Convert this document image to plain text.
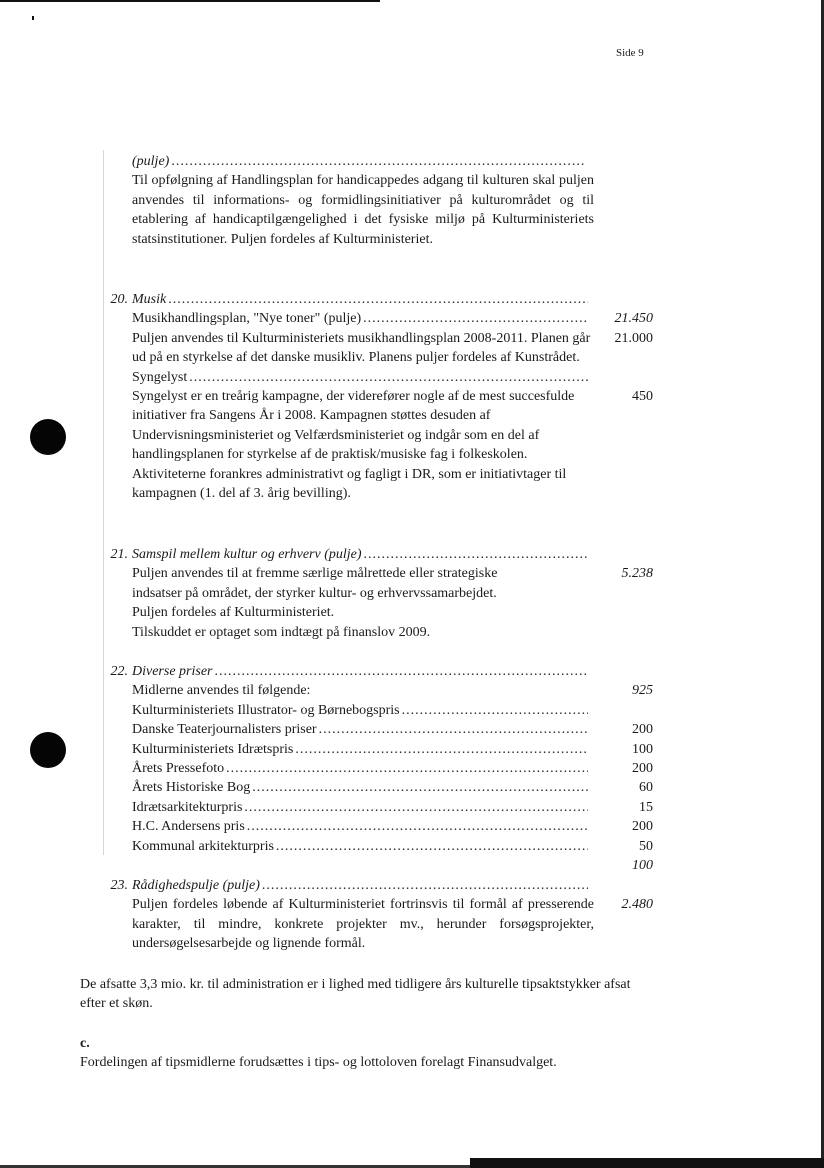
Side 9
(pulje)
.....
Til opfølgning af Handlingsplan for handicappedes adgang til kulturen skal puljen anvendes til informations- og formidlingsinitiativer på kulturområdet og til etablering af handicaptilgængelighed i det fysiske miljø på Kulturministeriets statsinstitutioner. Puljen fordeles af Kulturministeriet.
20. Musik
.....
21.450
Musikhandlingsplan, "Nye toner" (pulje)
.....
21.000
Puljen anvendes til Kulturministeriets musikhandlingsplan 2008-2011. Planen går ud på en styrkelse af det danske musikliv. Planens puljer fordeles af Kunstrådet.
Syngelyst
.....
450
Syngelyst er en treårig kampagne, der viderefører nogle af de mest succesfulde initiativer fra Sangens År i 2008. Kampagnen støttes desuden af Undervisningsministeriet og Velfærdsministeriet og indgår som en del af handlingsplanen for styrkelse af de praktisk/musiske fag i folkeskolen. Aktiviteterne forankres administrativt og fagligt i DR, som er initiativtager til kampagnen (1. del af 3. årig bevilling).
21. Samspil mellem kultur og erhverv (pulje)
.....
5.238
Puljen anvendes til at fremme særlige målrettede eller strategiske
indsatser på området, der styrker kultur- og erhvervssamarbejdet.
Puljen fordeles af Kulturministeriet.
Tilskuddet er optaget som indtægt på finanslov 2009.
22. Diverse priser
.....
925
Midlerne anvendes til følgende:
Kulturministeriets Illustrator- og Børnebogspris
.....
200
Danske Teaterjournalisters priser
.....
100
Kulturministeriets Idrætspris
.....
200
Årets Pressefoto
.....
60
Årets Historiske Bog
.....
15
Idrætsarkitekturpris
.....
200
H.C. Andersens pris
.....
50
Kommunal arkitekturpris
.....
100
23. Rådighedspulje (pulje)
.....
2.480
Puljen fordeles løbende af Kulturministeriet fortrinsvis til formål af presserende karakter, til mindre, konkrete projekter mv., herunder forsøgsprojekter, undersøgelsesarbejde og lignende formål.
De afsatte 3,3 mio. kr. til administration er i lighed med tidligere års kulturelle tipsaktstykker afsat efter et skøn.
c.
Fordelingen af tipsmidlerne forudsættes i tips- og lottoloven forelagt Finansudvalget.
